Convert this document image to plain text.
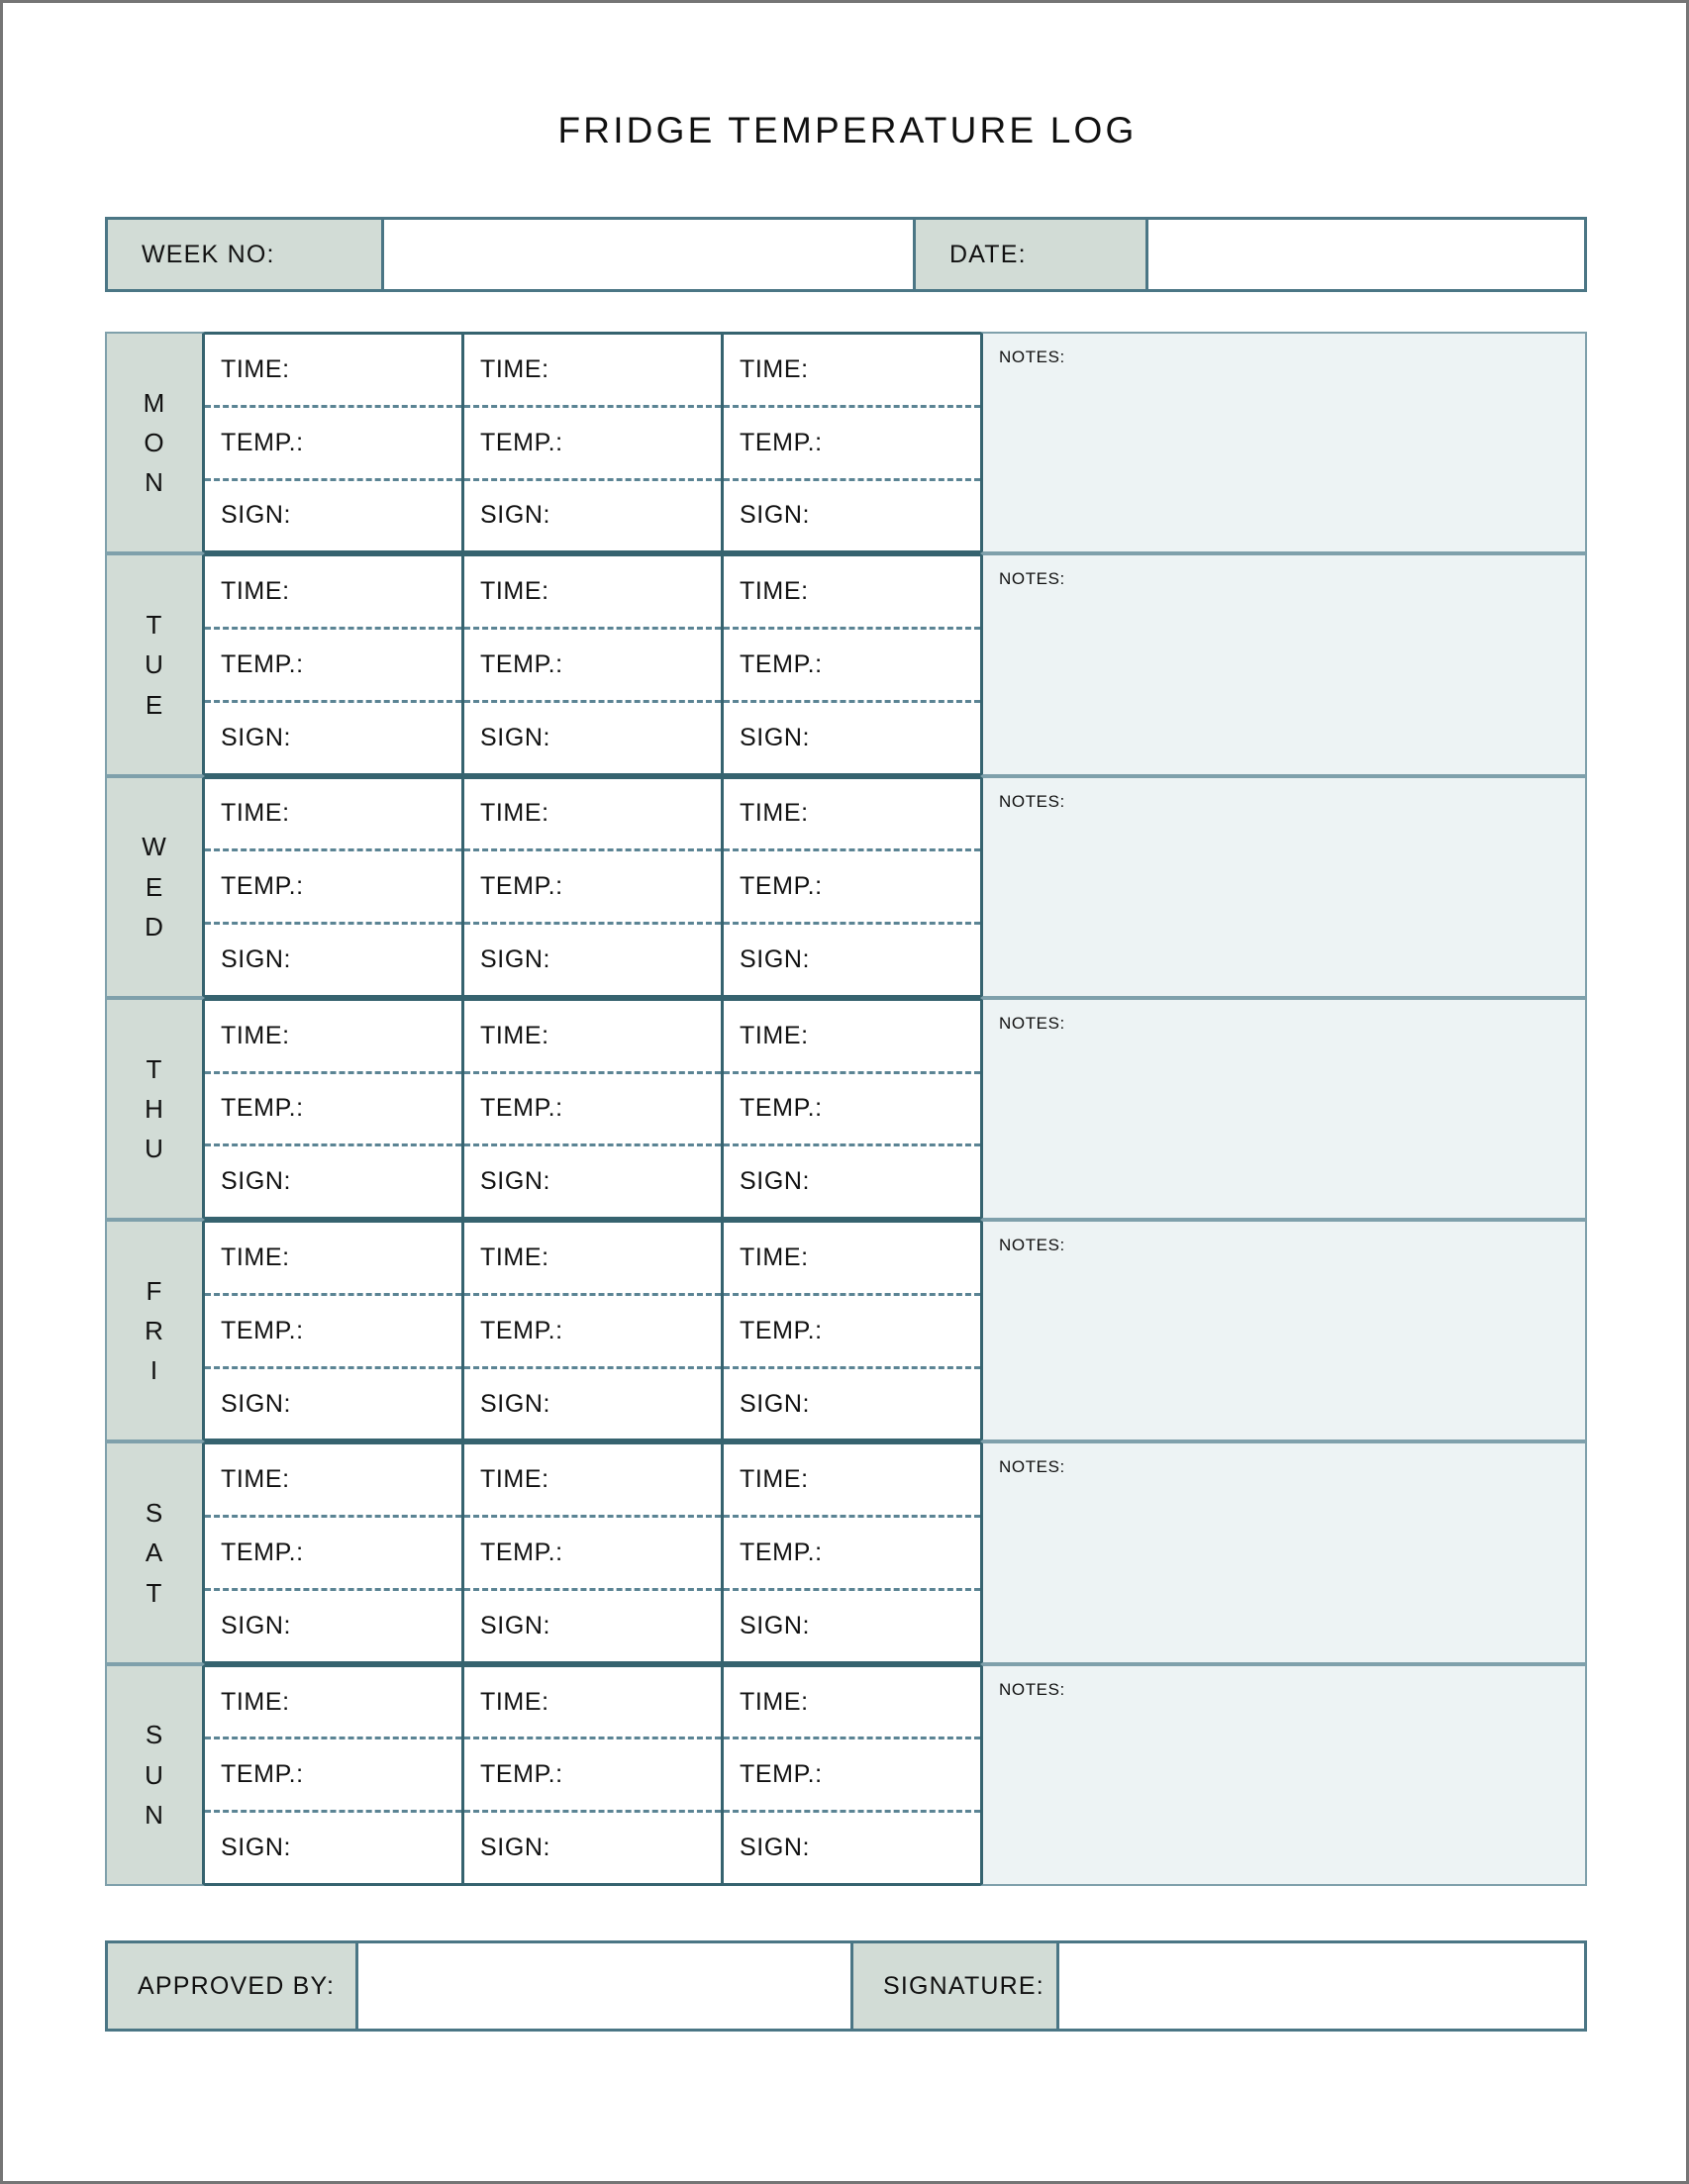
FRIDGE TEMPERATURE LOG
WEEK NO:	DATE:
M
O
N
TIME:
TEMP.:
SIGN:
TIME:
TEMP.:
SIGN:
TIME:
TEMP.:
SIGN:
NOTES:
T
U
E
TIME:
TEMP.:
SIGN:
TIME:
TEMP.:
SIGN:
TIME:
TEMP.:
SIGN:
NOTES:
W
E
D
TIME:
TEMP.:
SIGN:
TIME:
TEMP.:
SIGN:
TIME:
TEMP.:
SIGN:
NOTES:
T
H
U
TIME:
TEMP.:
SIGN:
TIME:
TEMP.:
SIGN:
TIME:
TEMP.:
SIGN:
NOTES:
F
R
I
TIME:
TEMP.:
SIGN:
TIME:
TEMP.:
SIGN:
TIME:
TEMP.:
SIGN:
NOTES:
S
A
T
TIME:
TEMP.:
SIGN:
TIME:
TEMP.:
SIGN:
TIME:
TEMP.:
SIGN:
NOTES:
S
U
N
TIME:
TEMP.:
SIGN:
TIME:
TEMP.:
SIGN:
TIME:
TEMP.:
SIGN:
NOTES:
APPROVED BY:	SIGNATURE:
